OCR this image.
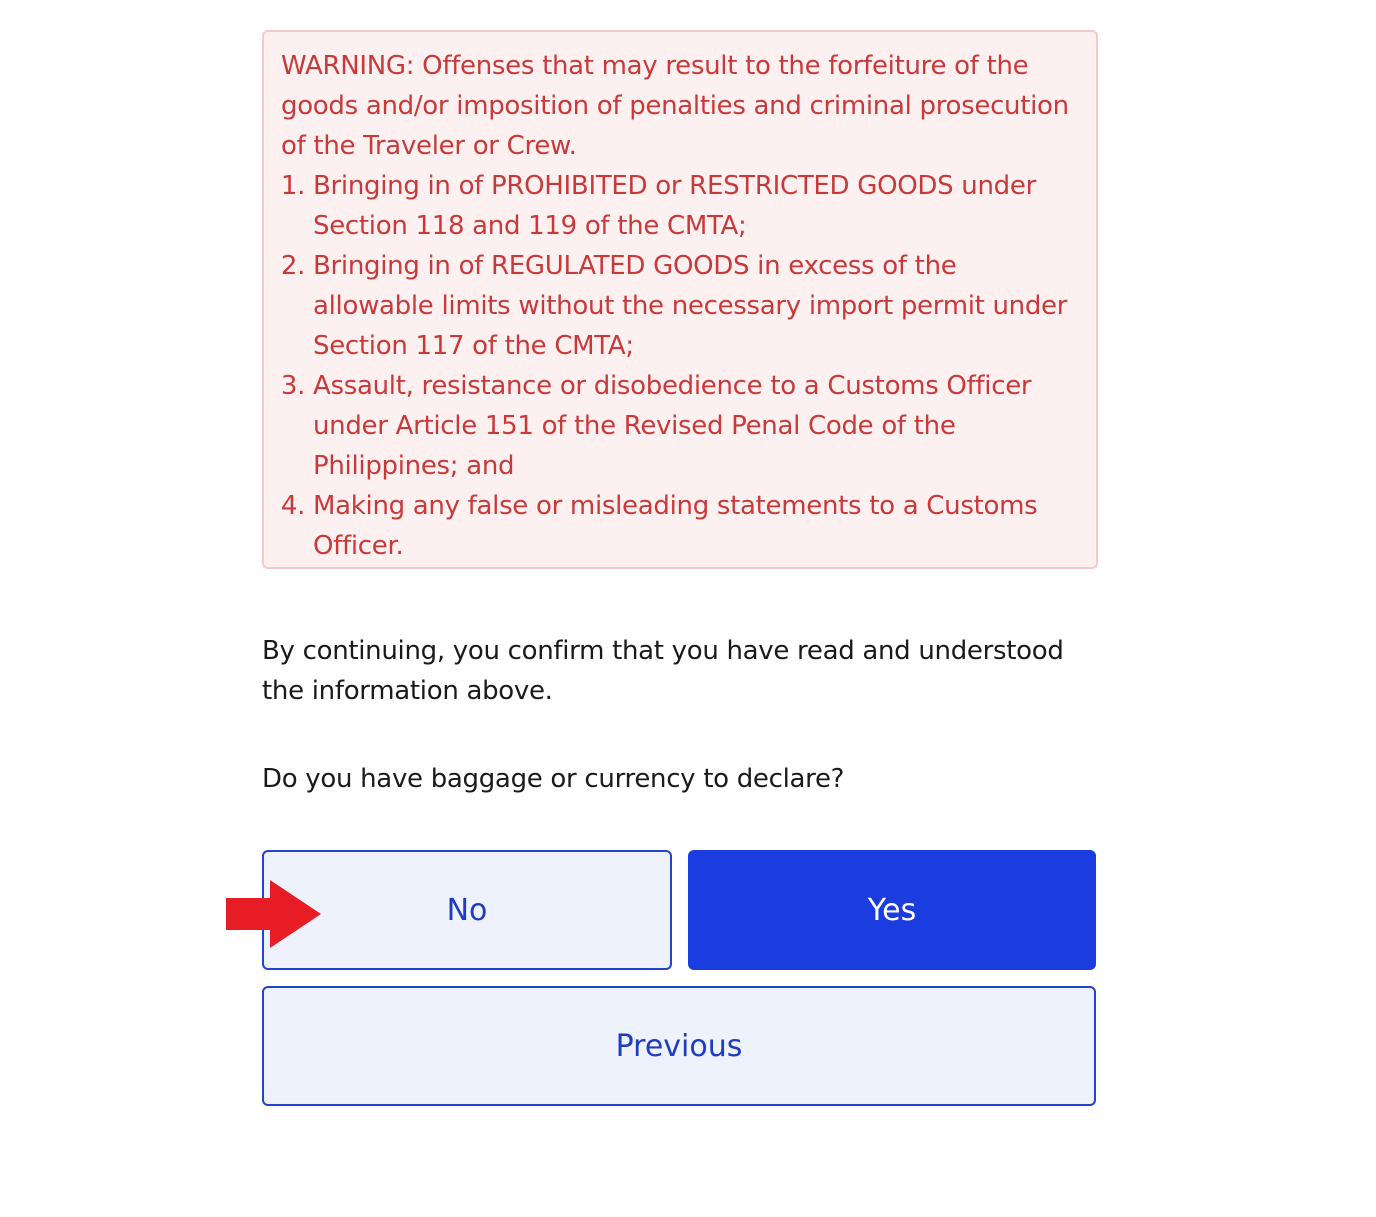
WARNING: Offenses that may result to the forfeiture of the goods and/or imposition of penalties and criminal prosecution of the Traveler or Crew.

1. Bringing in of PROHIBITED or RESTRICTED GOODS under Section 118 and 119 of the CMTA;
2. Bringing in of REGULATED GOODS in excess of the allowable limits without the necessary import permit under Section 117 of the CMTA;
3. Assault, resistance or disobedience to a Customs Officer under Article 151 of the Revised Penal Code of the Philippines; and
4. Making any false or misleading statements to a Customs Officer.

By continuing, you confirm that you have read and understood the information above.

Do you have baggage or currency to declare?

No	Yes
Previous
